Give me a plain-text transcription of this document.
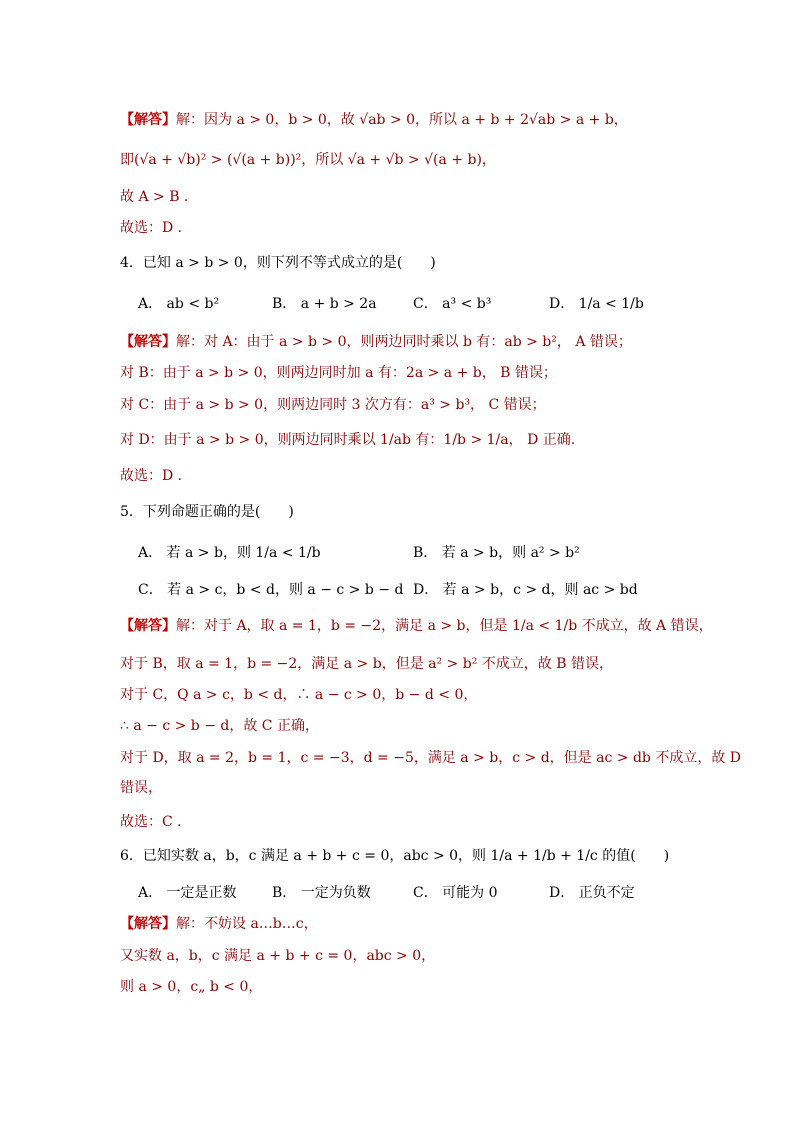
【解答】解：因为 a > 0，b > 0，故 √ab > 0，所以 a + b + 2√ab > a + b，
即(√a + √b)² > (√(a + b))²，所以 √a + √b > √(a + b)，
故 A > B .
故选：D .
4．已知 a > b > 0，则下列不等式成立的是(　　)
A． ab < b²	B． a + b > 2a	C． a³ < b³	D． 1/a < 1/b
【解答】解：对 A：由于 a > b > 0，则两边同时乘以 b 有：ab > b²， A 错误；
对 B：由于 a > b > 0，则两边同时加 a 有：2a > a + b， B 错误；
对 C：由于 a > b > 0，则两边同时 3 次方有：a³ > b³， C 错误；
对 D：由于 a > b > 0，则两边同时乘以 1/ab 有：1/b > 1/a， D 正确.
故选：D .
5．下列命题正确的是(　　)
A． 若 a > b，则 1/a < 1/b	B． 若 a > b，则 a² > b²
C． 若 a > c，b < d，则 a − c > b − d D． 若 a > b，c > d，则 ac > bd
【解答】解：对于 A，取 a = 1，b = −2，满足 a > b，但是 1/a < 1/b 不成立，故 A 错误，
对于 B，取 a = 1，b = −2，满足 a > b，但是 a² > b² 不成立，故 B 错误，
对于 C，Q a > c，b < d，∴ a − c > 0，b − d < 0，
∴ a − c > b − d，故 C 正确，
对于 D，取 a = 2，b = 1，c = −3，d = −5，满足 a > b，c > d，但是 ac > db 不成立，故 D
错误，
故选：C .
6．已知实数 a，b，c 满足 a + b + c = 0，abc > 0，则 1/a + 1/b + 1/c 的值(　　)
A． 一定是正数	B． 一定为负数	C． 可能为 0	D． 正负不定
【解答】解：不妨设 a…b…c，
又实数 a，b，c 满足 a + b + c = 0，abc > 0，
则 a > 0，c„ b < 0，
